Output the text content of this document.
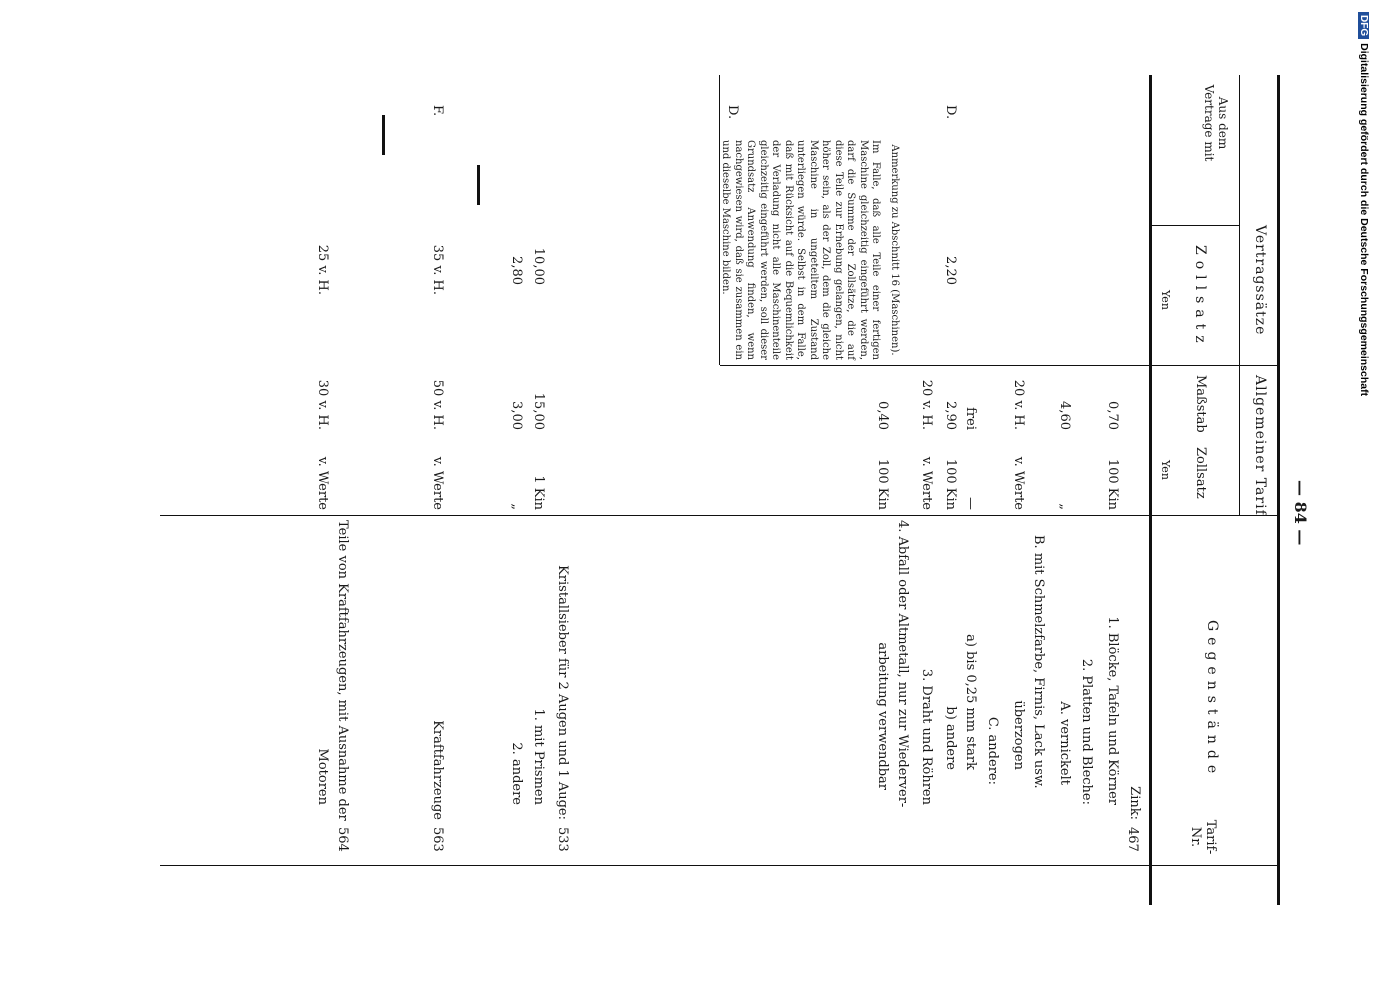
DFGDigitalisierung gefördert durch die Deutsche Forschungsgemeinschaft
— 84 —
Aus dem Vertrage mit
Vertragssätze
Zollsatz
Yen
Allgemeiner Tarif
Maßstab
Zollsatz
Yen
Gegenstände
Tarif-Nr.
467
Zink:
1. Blöcke, Tafeln und Körner
100 Kin
0,70
2. Platten und Bleche:
A. vernickelt
„
4,60
B. mit Schmelzfarbe, Firnis, Lack usw.
überzogen
v. Werte
20 v. H.
C. andere:
a) bis 0,25 mm stark
—
frei
b) andere
100 Kin
2,90
2,20
D.
3. Draht und Röhren
v. Werte
20 v. H.
4. Abfall oder Altmetall, nur zur Wiederver-
arbeitung verwendbar
100 Kin
0,40
Anmerkung zu Abschnitt 16 (Maschinen).
Im Falle, daß alle Teile einer fertigen Maschine gleichzeitig eingeführt werden, darf die Summe der Zollsätze, die auf diese Teile zur Erhebung gelangen, nicht höher sein, als der Zoll, dem die gleiche Maschine in ungeteiltem Zustand unterliegen würde. Selbst in dem Falle, daß mit Rücksicht auf die Bequemlichkeit der Verladung nicht alle Maschinenteile gleichzeitig eingeführt werden, soll dieser Grundsatz Anwendung finden, wenn nachgewiesen wird, daß sie zusammen ein und dieselbe Maschine bilden.
D.
533
Kristallsieber für 2 Augen und 1 Auge:
1. mit Prismen
1 Kin
15,00
10,00
2. andere
„
3,00
2,80
563
Kraftfahrzeuge
v. Werte
50 v. H.
35 v. H.
F.
564
Teile von Kraftfahrzeugen, mit Ausnahme der
Motoren
v. Werte
30 v. H.
25 v. H.
